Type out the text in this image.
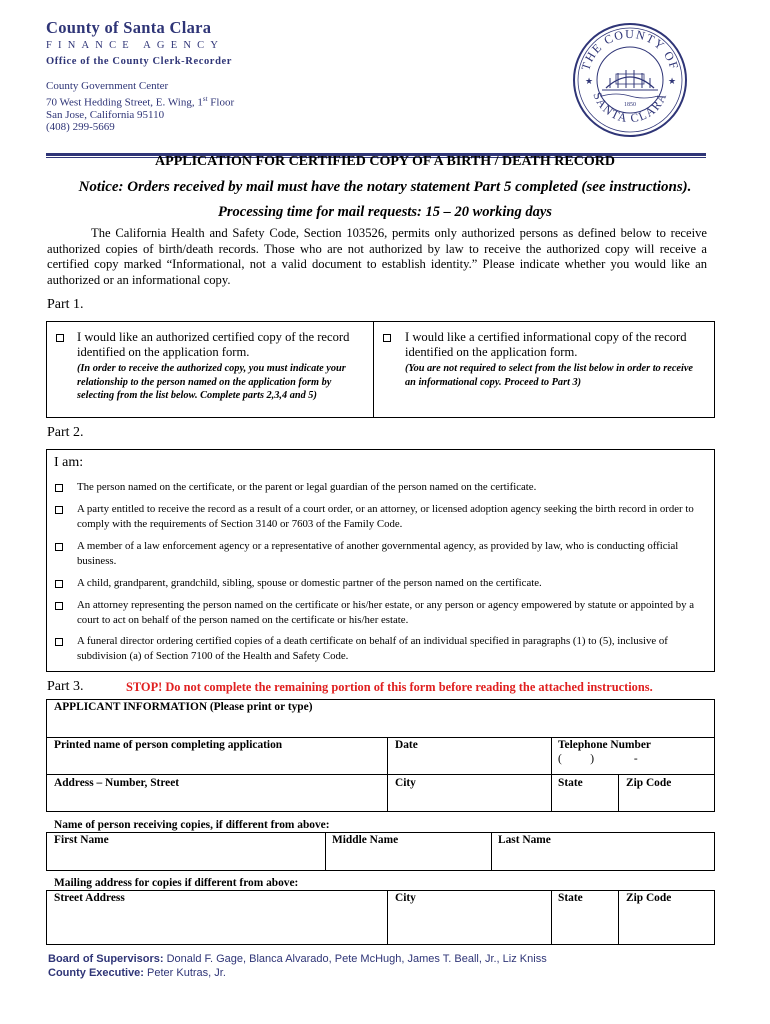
County of Santa Clara
FINANCE AGENCY
Office of the County Clerk-Recorder
County Government Center
70 West Hedding Street, E. Wing, 1st Floor
San Jose, California 95110
(408) 299-5669
THE COUNTY OF
SANTA CLARA
★	★
1850
APPLICATION FOR CERTIFIED COPY OF A BIRTH / DEATH RECORD
Notice: Orders received by mail must have the notary statement Part 5 completed (see instructions).
Processing time for mail requests: 15 – 20 working days
The California Health and Safety Code, Section 103526, permits only authorized persons as defined below to receive authorized copies of birth/death records. Those who are not authorized by law to receive the authorized copy will receive a certified copy marked “Informational, not a valid document to establish identity.” Please indicate whether you would like an authorized or an informational copy.
Part 1.
I would like an authorized certified copy of the record identified on the application form.
(In order to receive the authorized copy, you must indicate your relationship to the person named on the application form by selecting from the list below. Complete parts 2,3,4 and 5)
I would like a certified informational copy of the record identified on the application form.
(You are not required to select from the list below in order to receive an informational copy. Proceed to Part 3)
Part 2.
I am:
The person named on the certificate, or the parent or legal guardian of the person named on the certificate.
A party entitled to receive the record as a result of a court order, or an attorney, or licensed adoption agency seeking the birth record in order to comply with the requirements of Section 3140 or 7603 of the Family Code.
A member of a law enforcement agency or a representative of another governmental agency, as provided by law, who is conducting official business.
A child, grandparent, grandchild, sibling, spouse or domestic partner of the person named on the certificate.
An attorney representing the person named on the certificate or his/her estate, or any person or agency empowered by statute or appointed by a court to act on behalf of the person named on the certificate or his/her estate.
A funeral director ordering certified copies of a death certificate on behalf of an individual specified in paragraphs (1) to (5), inclusive of subdivision (a) of Section 7100 of the Health and Safety Code.
Part 3.	STOP! Do not complete the remaining portion of this form before reading the attached instructions.
APPLICANT INFORMATION (Please print or type)
Printed name of person completing application	Date	Telephone Number
(          )              -
Address – Number, Street	City	State	Zip Code
Name of person receiving copies, if different from above:
First Name	Middle Name	Last Name
Mailing address for copies if different from above:
Street Address	City	State	Zip Code
Board of Supervisors: Donald F. Gage, Blanca Alvarado, Pete McHugh, James T. Beall, Jr., Liz Kniss
County Executive: Peter Kutras, Jr.
